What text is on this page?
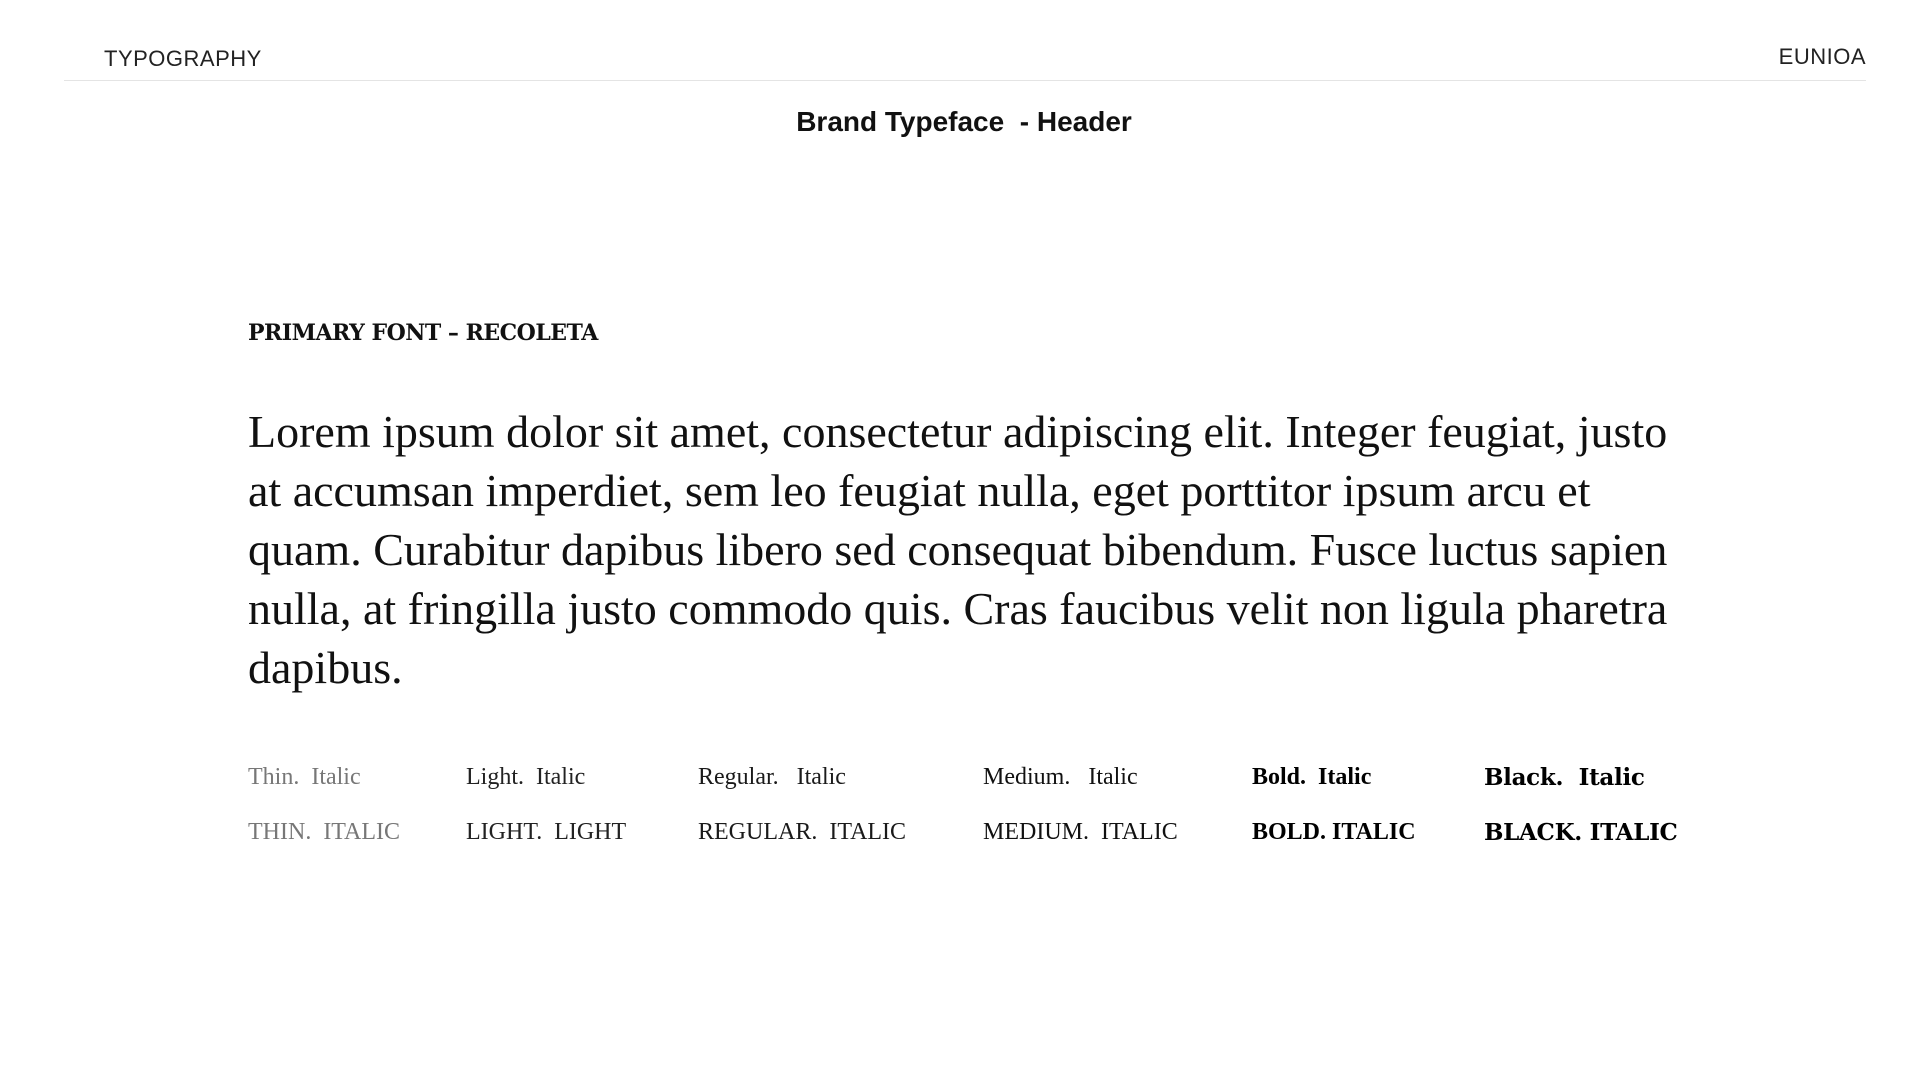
TYPOGRAPHY	EUNIOA
Brand Typeface  - Header
PRIMARY FONT – RECOLETA

Lorem ipsum dolor sit amet, consectetur adipiscing elit. Integer feugiat, justo at accumsan imperdiet, sem leo feugiat nulla, eget porttitor ipsum arcu et quam. Curabitur dapibus libero sed consequat bibendum. Fusce luctus sapien nulla, at fringilla justo commodo quis. Cras faucibus velit non ligula pharetra dapibus.

Thin.  Italic	Light.  Italic	Regular.   Italic	Medium.   Italic	Bold.  Italic	Black.  Italic
THIN.  ITALIC	LIGHT.  LIGHT	REGULAR.  ITALIC	MEDIUM.  ITALIC	BOLD. ITALIC	BLACK. ITALIC
